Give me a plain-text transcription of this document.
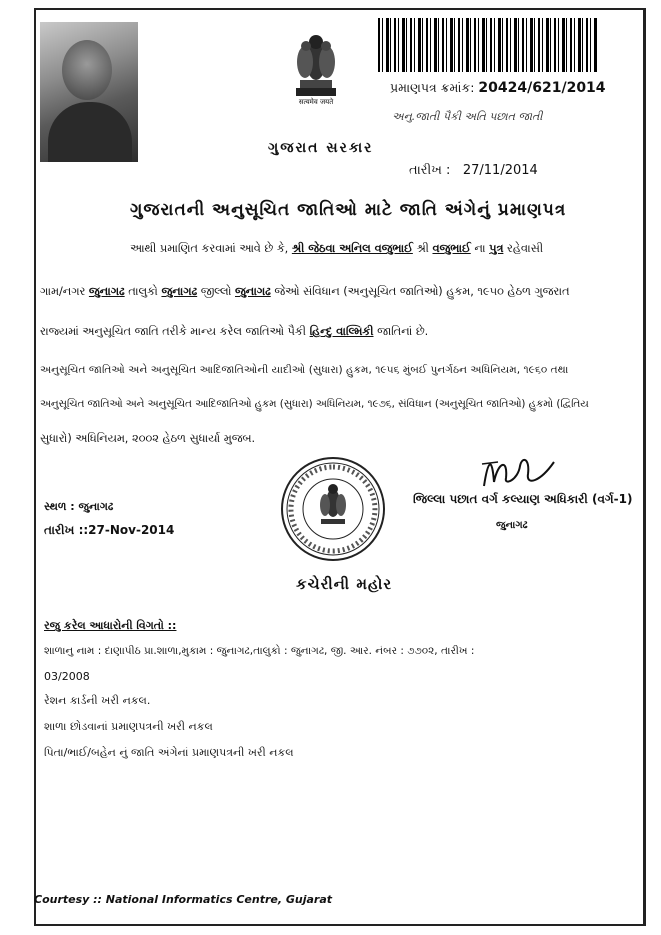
सत्यमेव जयते
પ્રમાણપત્ર ક્રમાંક: 20424/621/2014
અનુ.જાતી પૈકી અતિ પછાત જાતી
ગુજરાત સરકાર
તારીખ : 27/11/2014
ગુજરાતની અનુસૂચિત જાતિઓ માટે જાતિ અંગેનું પ્રમાણપત્ર
આથી પ્રમાણિત કરવામાં આવે છે કે, શ્રી જેઠવા અનિલ વજુભાઈ શ્રી વજુભાઈ ના પુત્ર રહેવાસી
ગામ/નગર જુનાગઢ તાલુકો જુનાગઢ જીલ્લો જુનાગઢ જેઓ સંવિધાન (અનુસૂચિત જાતિઓ) હુકમ, ૧૯૫૦ હેઠળ ગુજરાત
રાજ્યમાં અનુસૂચિત જાતિ તરીકે માન્ય કરેલ જાતિઓ પૈકી હિન્દુ વાલ્મિકી જાતિનાં છે.
અનુસૂચિત જાતિઓ અને અનુસૂચિત આદિજાતિઓની યાદીઓ (સુધારા) હુકમ, ૧૯૫૬ મુંબઈ પુનર્ગઠન અધિનિયમ, ૧૯૬૦ તથા
અનુસૂચિત જાતિઓ અને અનુસૂચિત આદિજાતિઓ હુકમ (સુધારા) અધિનિયમ, ૧૯૭૬, સંવિધાન (અનુસૂચિત જાતિઓ) હુકમો (દ્વિતિય
સુધારો) અધિનિયમ, ૨૦૦૨ હેઠળ સુધાર્યા મુજબ.
જિલ્લા પછાત વર્ગ કલ્યાણ અધિકારી (વર્ગ-1)
જુનાગઢ
સ્થળ : જુનાગઢ
તારીખ ::27-Nov-2014
કચેરીની મહોર
રજુ કરેલ આધારોની વિગતો ::
શાળાનુ નામ : દાણાપીઠ પ્રા.શાળા,મુકામ : જુનાગઢ,તાલુકો : જુનાગઢ, જી. આર. નંબર : ૭૭૦૨, તારીખ :
03/2008
રેશન કાર્ડની ખરી નકલ.
શાળા છોડવાનાં પ્રમાણપત્રની ખરી નકલ
પિતા/ભાઈ/બહેન નું જાતિ અંગેનાં પ્રમાણપત્રની ખરી નકલ
Courtesy :: National Informatics Centre, Gujarat
